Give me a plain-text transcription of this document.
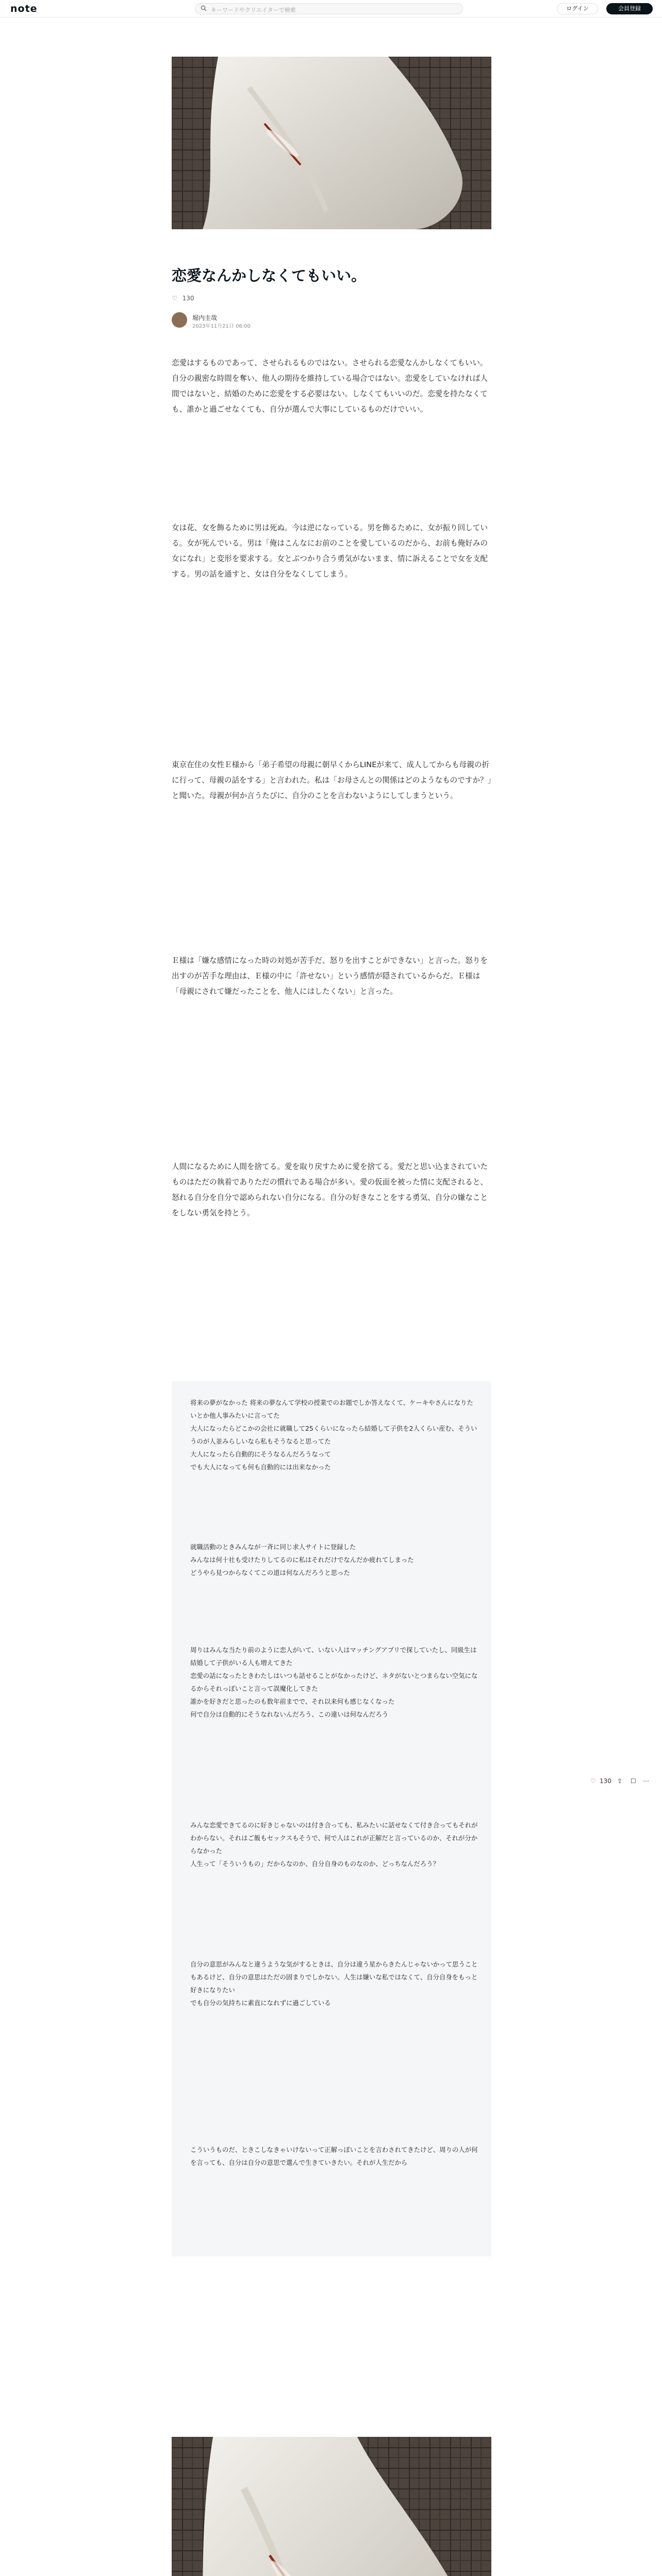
note	キーワードやクリエイターで検索	ログイン	会員登録
恋愛なんかしなくてもいい。
♡ 130
堀内圭哉
2023年11月21日 06:00

恋愛はするものであって、させられるものではない。させられる恋愛なんかしなくてもいい。自分の親密な時間を奪い、他人の期待を維持している場合ではない。恋愛をしていなければ人間ではないと、結婚のために恋愛をする必要はない。しなくてもいいのだ。恋愛を持たなくても、誰かと過ごせなくても、自分が選んで大事にしているものだけでいい。

女は花、女を飾るために男は死ぬ。今は逆になっている。男を飾るために、女が振り回している。女が死んでいる。男は「俺はこんなにお前のことを愛しているのだから、お前も俺好みの女になれ」と変形を要求する。女とぶつかり合う勇気がないまま、情に訴えることで女を支配する。男の話を通すと、女は自分をなくしてしまう。

東京在住の女性Ｅ様から「弟子希望の母親に朝早くからLINEが来て、成人してからも母親の折に行って、母親の話をする」と言われた。私は「お母さんとの関係はどのようなものですか？」と聞いた。母親が何か言うたびに、自分のことを言わないようにしてしまうという。

Ｅ様は「嫌な感情になった時の対処が苦手だ、怒りを出すことができない」と言った。怒りを出すのが苦手な理由は、Ｅ様の中に「許せない」という感情が隠されているからだ。Ｅ様は「母親にされて嫌だったことを、他人にはしたくない」と言った。

人間になるために人間を捨てる。愛を取り戻すために愛を捨てる。愛だと思い込まされていたものはただの執着でありただの慣れである場合が多い。愛の仮面を被った情に支配されると、怒れる自分を自分で認められない自分になる。自分の好きなことをする勇気、自分の嫌なことをしない勇気を持とう。

将来の夢がなかった 将来の夢なんて学校の授業でのお題でしか答えなくて、ケーキやさんになりたいとか他人事みたいに言ってた
大人になったらどこかの会社に就職して25くらいになったら結婚して子供を2人くらい産む、そういうのが人並みらしいなら私もそうなると思ってた
大人になったら自動的にそうなるんだろうなって
でも大人になっても何も自動的には出来なかった

就職活動のときみんなが一斉に同じ求人サイトに登録した
みんなは何十社も受けたりしてるのに私はそれだけでなんだか疲れてしまった
どうやら見つからなくてこの道は何なんだろうと思った

周りはみんな当たり前のように恋人がいて、いない人はマッチングアプリで探していたし、同級生は結婚して子供がいる人も増えてきた
恋愛の話になったときわたしはいつも話せることがなかったけど、ネタがないとつまらない空気になるからそれっぽいこと言って誤魔化してきた
誰かを好きだと思ったのも数年前までで、それ以来何も感じなくなった
何で自分は自動的にそうなれないんだろう、この違いは何なんだろう

みんな恋愛できてるのに好きじゃないのは付き合っても、私みたいに話せなくて付き合ってもそれがわからない。それはご飯もセックスもそうで、何で人はこれが正解だと言っているのか、それが分からなかった
人生って「そういうもの」だからなのか、自分自身のものなのか、どっちなんだろう？

自分の意思がみんなと違うような気がするときは、自分は違う星からきたんじゃないかって思うこともあるけど、自分の意思はただの固まりでしかない。人生は嫌いな私ではなくて、自分自身をもっと好きになりたい
でも自分の気持ちに素直になれずに過ごしている

こういうものだ、ときこしなきゃいけないって正解っぽいことを言わされてきたけど、周りの人が何を言っても、自分は自分の意思で選んで生きていきたい。それが人生だから

♡ 130 ⇪ ☐ ⋯
